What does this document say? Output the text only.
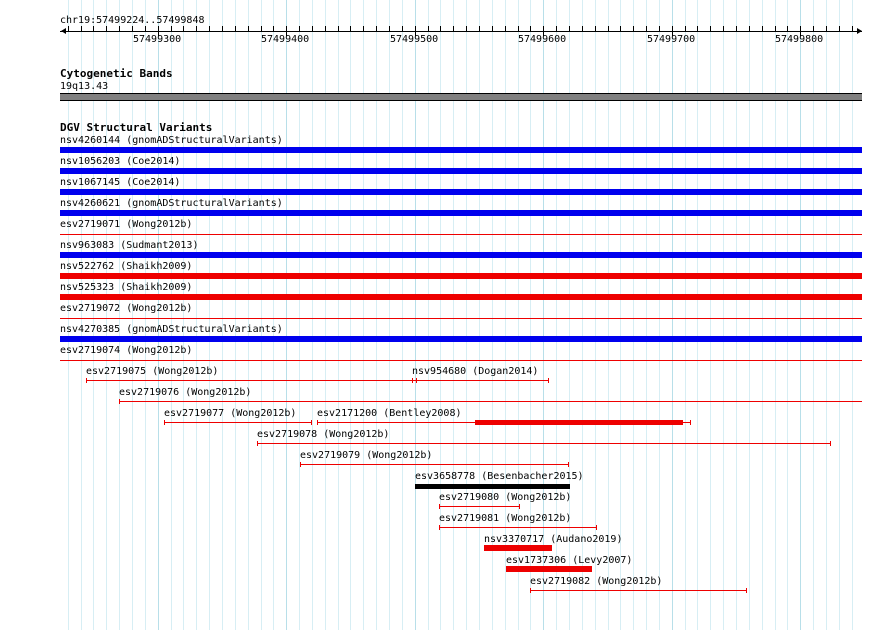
chr19:57499224..57499848
57499300	57499400	57499500	57499600	57499700	57499800
Cytogenetic Bands
19q13.43
DGV Structural Variants
nsv4260144 (gnomADStructuralVariants)
nsv1056203 (Coe2014)
nsv1067145 (Coe2014)
nsv4260621 (gnomADStructuralVariants)
esv2719071 (Wong2012b)
nsv963083 (Sudmant2013)
nsv522762 (Shaikh2009)
nsv525323 (Shaikh2009)
esv2719072 (Wong2012b)
nsv4270385 (gnomADStructuralVariants)
esv2719074 (Wong2012b)
esv2719075 (Wong2012b)	nsv954680 (Dogan2014)
esv2719076 (Wong2012b)
esv2719077 (Wong2012b) esv2171200 (Bentley2008)
esv2719078 (Wong2012b)
esv2719079 (Wong2012b)
esv3658778 (Besenbacher2015)
esv2719080 (Wong2012b)
esv2719081 (Wong2012b)
nsv3370717 (Audano2019)
esv1737306 (Levy2007)
esv2719082 (Wong2012b)
